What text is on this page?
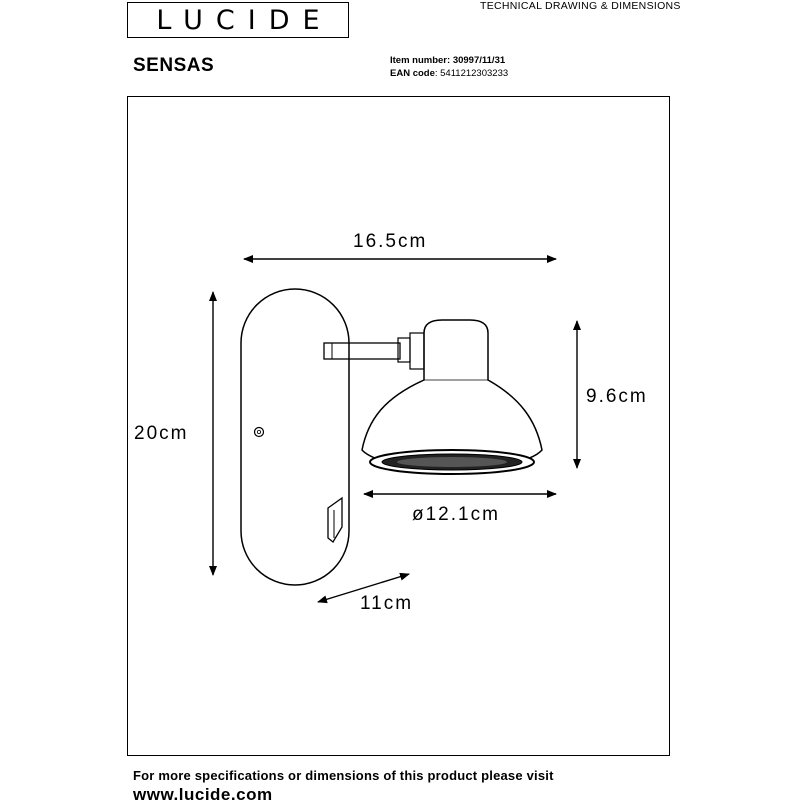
LUCIDE	TECHNICAL DRAWING & DIMENSIONS
SENSAS	Item number: 30997/11/31
EAN code: 5411212303233
16.5cm
20cm
9.6cm
ø12.1cm
11cm
For more specifications or dimensions of this product please visit
www.lucide.com
